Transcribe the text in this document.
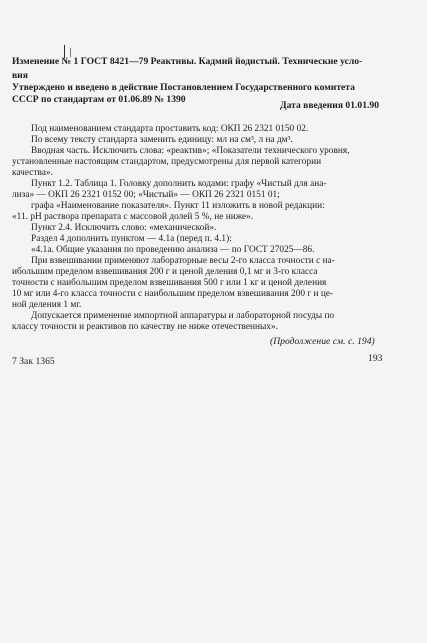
Изменение № 1 ГОСТ 8421—79 Реактивы. Кадмий йодистый. Технические усло-
вия
Утверждено и введено в действие Постановлением Государственного комитета
СССР по стандартам от 01.06.89 № 1390
Дата введения 01.01.90
Под наименованием стандарта проставить код: ОКП 26 2321 0150 02.
По всему тексту стандарта заменить единицу: мл на см³, л на дм³.
Вводная часть. Исключить слова: «реактив»; «Показатели технического уровня,
установленные настоящим стандартом, предусмотрены для первой категории
качества».
Пункт 1.2. Таблица 1. Головку дополнить кодами: графу «Чистый для ана-
лиза» — ОКП 26 2321 0152 00; «Чистый» — ОКП 26 2321 0151 01;
графа «Наименование показателя». Пункт 11 изложить в новой редакции:
«11. pH раствора препарата с массовой долей 5 %, не ниже».
Пункт 2.4. Исключить слово: «механической».
Раздел 4 дополнить пунктом — 4.1а (перед п. 4.1):
«4.1а. Общие указания по проведению анализа — по ГОСТ 27025—86.
При взвешивании применяют лабораторные весы 2-го класса точности с на-
ибольшим пределом взвешивания 200 г и ценой деления 0,1 мг и 3-го класса
точности с наибольшим пределом взвешивания 500 г или 1 кг и ценой деления
10 мг или 4-го класса точности с наибольшим пределом взвешивания 200 г и це-
ной деления 1 мг.
Допускается применение импортной аппаратуры и лабораторной посуды по
классу точности и реактивов по качеству не ниже отечественных».
(Продолжение см. с. 194)
7 Зак 1365	193
